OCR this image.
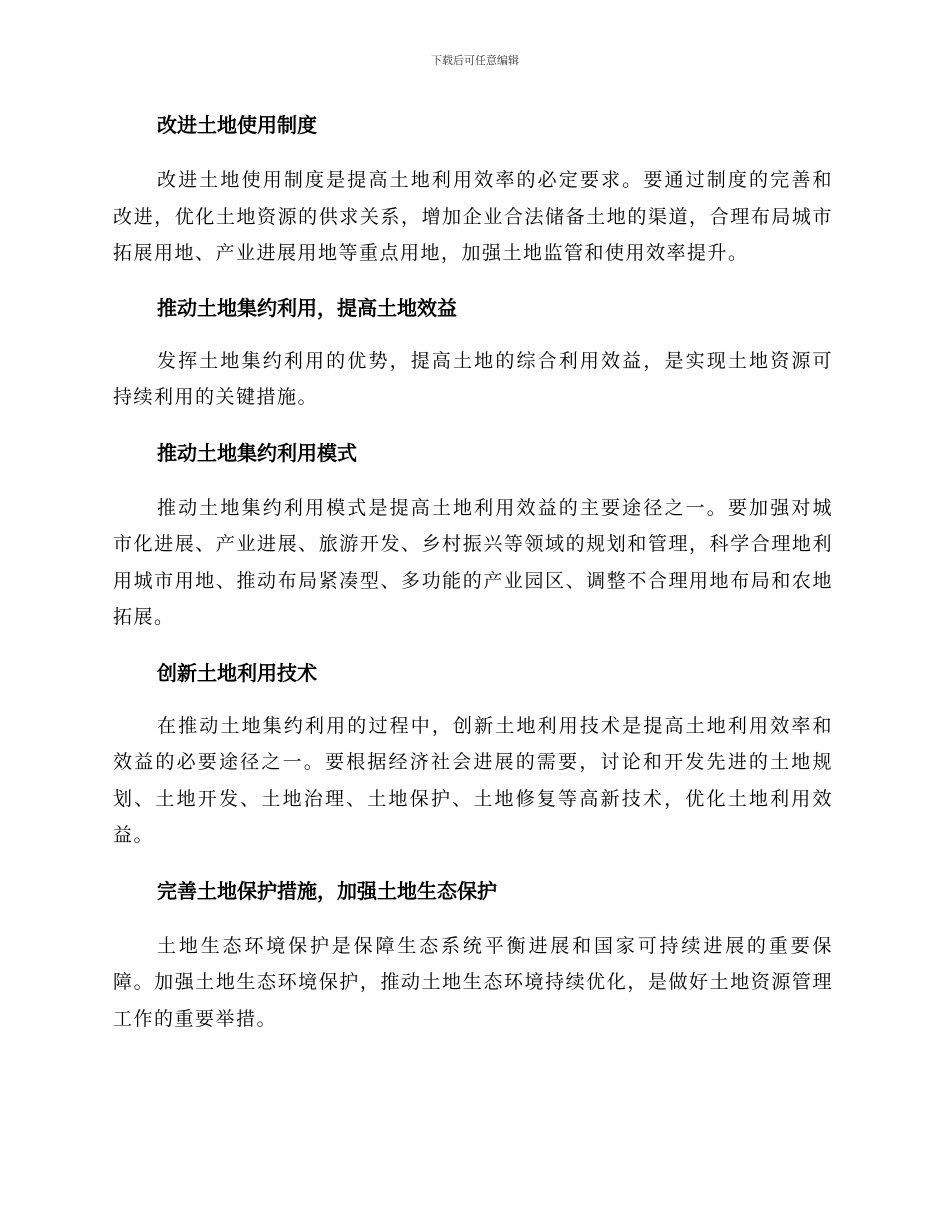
下载后可任意编辑
改进土地使用制度

改进土地使用制度是提高土地利用效率的必定要求。要通过制度的完善和改进，优化土地资源的供求关系，增加企业合法储备土地的渠道，合理布局城市拓展用地、产业进展用地等重点用地，加强土地监管和使用效率提升。

推动土地集约利用，提高土地效益

发挥土地集约利用的优势，提高土地的综合利用效益，是实现土地资源可持续利用的关键措施。

推动土地集约利用模式

推动土地集约利用模式是提高土地利用效益的主要途径之一。要加强对城市化进展、产业进展、旅游开发、乡村振兴等领域的规划和管理，科学合理地利用城市用地、推动布局紧凑型、多功能的产业园区、调整不合理用地布局和农地拓展。

创新土地利用技术

在推动土地集约利用的过程中，创新土地利用技术是提高土地利用效率和效益的必要途径之一。要根据经济社会进展的需要，讨论和开发先进的土地规划、土地开发、土地治理、土地保护、土地修复等高新技术，优化土地利用效益。

完善土地保护措施，加强土地生态保护

土地生态环境保护是保障生态系统平衡进展和国家可持续进展的重要保障。加强土地生态环境保护，推动土地生态环境持续优化，是做好土地资源管理工作的重要举措。
